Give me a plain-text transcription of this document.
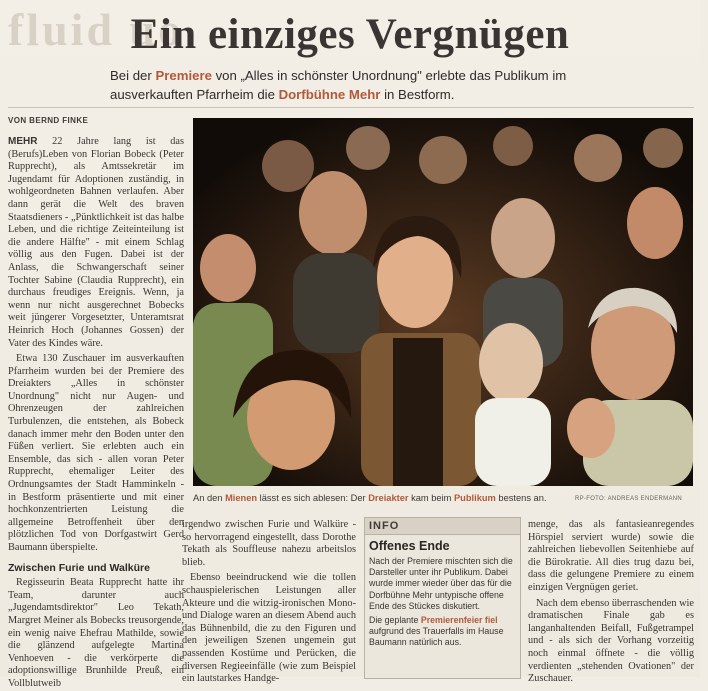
fluid uo
Ein einziges Vergnügen

Bei der Premiere von „Alles in schönster Unordnung" erlebte das Publikum im ausverkauften Pfarrheim die Dorfbühne Mehr in Bestform.

VON BERND FINKE

MEHR 22 Jahre lang ist das (Berufs)Leben von Florian Bobeck (Peter Rupprecht), als Amtssekretär im Jugendamt für Adoptionen zuständig, in wohlgeordneten Bahnen verlaufen. Aber dann gerät die Welt des braven Staatsdieners - „Pünktlichkeit ist das halbe Leben, und die richtige Zeiteinteilung ist die andere Hälfte" - mit einem Schlag völlig aus den Fugen. Dabei ist der Anlass, die Schwangerschaft seiner Tochter Sabine (Claudia Rupprecht), ein durchaus freudiges Ereignis. Wenn, ja wenn nur nicht ausgerechnet Bobecks weit jüngerer Vorgesetzter, Unteramtsrat Heinrich Hoch (Johannes Gossen) der Vater des Kindes wäre.

Etwa 130 Zuschauer im ausverkauften Pfarrheim wurden bei der Premiere des Dreiakters „Alles in schönster Unordnung" nicht nur Augen- und Ohrenzeugen der zahlreichen Turbulenzen, die entstehen, als Bobeck danach immer mehr den Boden unter den Füßen verliert. Sie erlebten auch ein Ensemble, das sich - allen voran Peter Rupprecht, ehemaliger Leiter des Ordnungsamtes der Stadt Hamminkeln - in Bestform präsentierte und mit einer hochkonzentrierten Leistung die allgemeine Betroffenheit über den plötzlichen Tod von Dorfgastwirt Gerd Baumann überspielte.

Zwischen Furie und Walküre

Regisseurin Beata Rupprecht hatte ihr Team, darunter auch „Jugendamtsdirektor" Leo Tekath, Margret Meiner als Bobecks treusorgende, ein wenig naive Ehefrau Mathilde, sowie die glänzend aufgelegte Martina Venhoeven - die verkörperte die adoptionswillige Brunhilde Preuß, ein Vollblutweib

An den Mienen lässt es sich ablesen: Der Dreiakter kam beim Publikum bestens an.	RP-FOTO: ANDREAS ENDERMANN

irgendwo zwischen Furie und Walküre - so hervorragend eingestellt, dass Dorothe Tekath als Souffleuse nahezu arbeitslos blieb.

Ebenso beeindruckend wie die tollen schauspielerischen Leistungen aller Akteure und die witzig-ironischen Mono- und Dialoge waren an diesem Abend auch das Bühnenbild, die zu den Figuren und den jeweiligen Szenen ungemein gut passenden Kostüme und Perücken, die diversen Regieeinfälle (wie zum Beispiel ein lautstarkes Handge-

INFO
Offenes Ende

Nach der Premiere mischten sich die Darsteller unter ihr Publikum. Dabei wurde immer wieder über das für die Dorfbühne Mehr untypische offene Ende des Stückes diskutiert.

Die geplante Premierenfeier fiel aufgrund des Trauerfalls im Hause Baumann natürlich aus.

menge, das als fantasieanregendes Hörspiel serviert wurde) sowie die zahlreichen liebevollen Seitenhiebe auf die Bürokratie. All dies trug dazu bei, dass die gelungene Premiere zu einem einzigen Vergnügen geriet.

Nach dem ebenso überraschenden wie dramatischen Finale gab es langanhaltenden Beifall, Fußgetrampel und - als sich der Vorhang vorzeitig noch einmal öffnete - die völlig verdienten „stehenden Ovationen" der Zuschauer.
